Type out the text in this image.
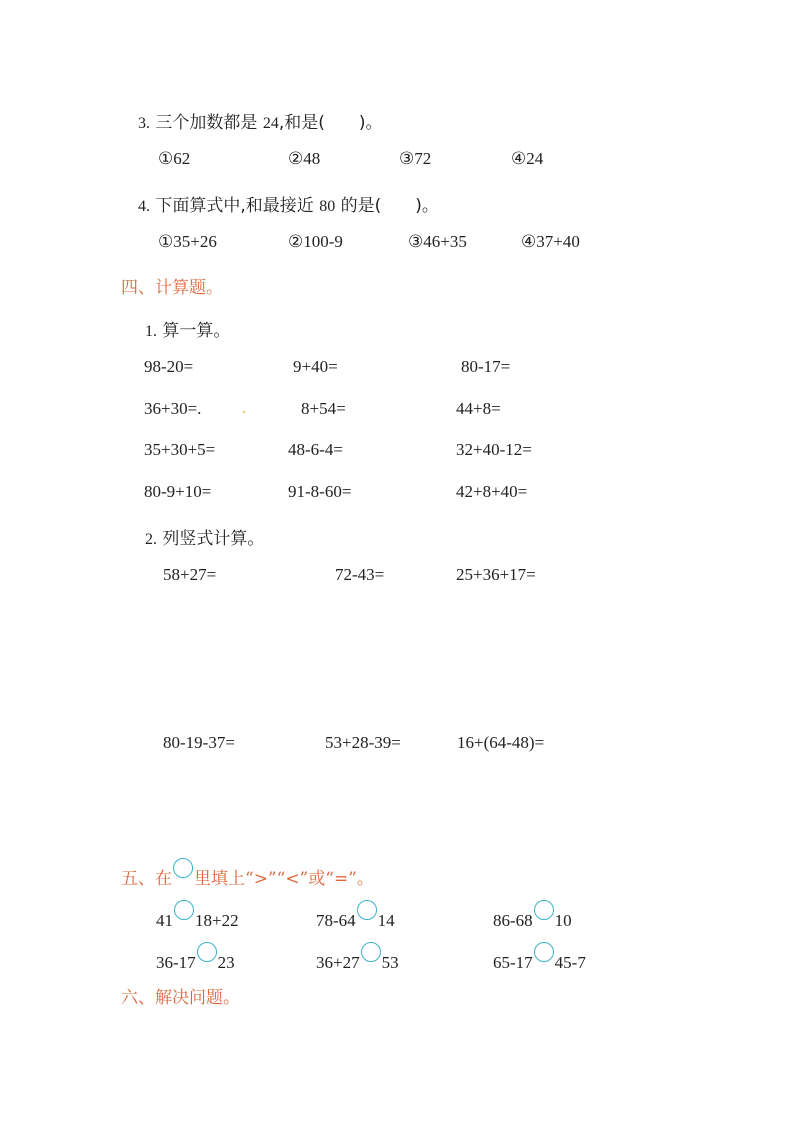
3. 三个加数都是 24,和是(　　 )。
①62	②48	③72	④24
4. 下面算式中,和最接近 80 的是(　　 )。
①35+26	②100-9	③46+35	④37+40
四、计算题。
1. 算一算。
98-20=	9+40=	80-17=
36+30=.	8+54=	44+8=
35+30+5=	48-6-4=	32+40-12=
80-9+10=	91-8-60=	42+8+40=
2. 列竖式计算。
58+27=	72-43=	25+36+17=
80-19-37=	53+28-39=	16+(64-48)=
五、在 里填上“>”“<”或“=”。
41 18+22	78-64 14	86-68 10
36-17 23	36+27 53	65-17 45-7
六、解决问题。
